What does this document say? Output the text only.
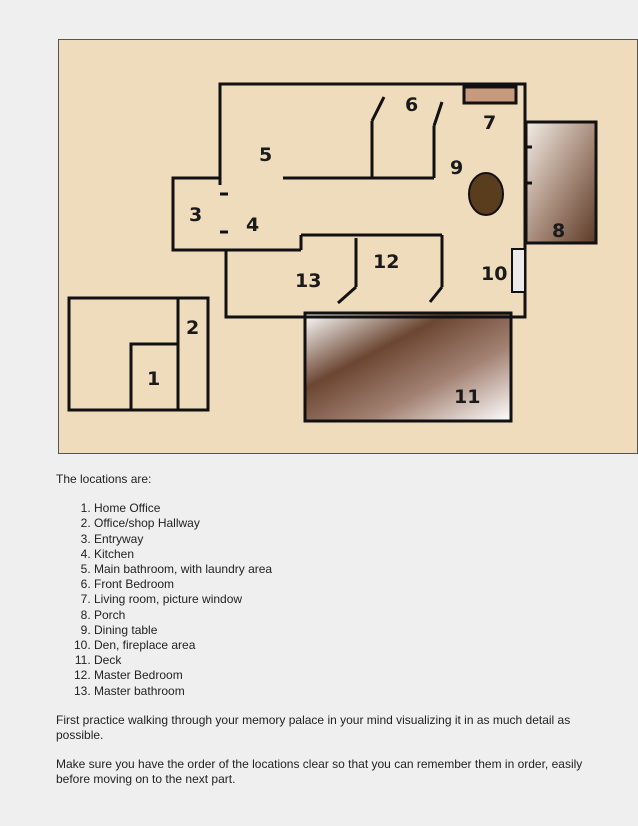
1
2
3 4
5
6
7
8
9
10
11
12
13

The locations are:

1. Home Office
2. Office/shop Hallway
3. Entryway
4. Kitchen
5. Main bathroom, with laundry area
6. Front Bedroom
7. Living room, picture window
8. Porch
9. Dining table
10. Den, fireplace area
11. Deck
12. Master Bedroom
13. Master bathroom

First practice walking through your memory palace in your mind visualizing it in as much detail as possible.

Make sure you have the order of the locations clear so that you can remember them in order, easily before moving on to the next part.
